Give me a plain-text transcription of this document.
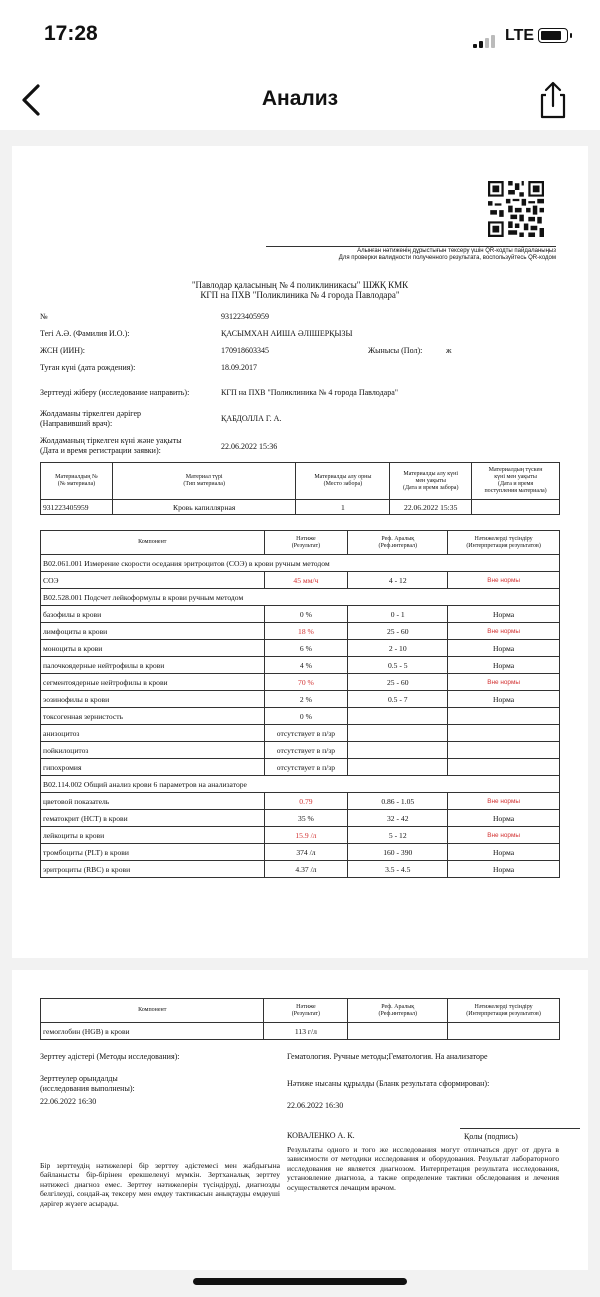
17:28	LTE
Анализ
Алынған нәтиженің дұрыстығын тексеру үшін QR-кодты пайдаланыңыз
Для проверки валидности полученного результата, воспользуйтесь QR-кодом
"Павлодар қаласының № 4 поликлиникасы" ШЖҚ КМК
КГП на ПХВ "Поликлиника № 4 города Павлодара"
№	931223405959
Тегі А.Ә. (Фамилия И.О.):	ҚАСЫМХАН АИША ӘЛІШЕРҚЫЗЫ
ЖСН (ИИН):	170918603345	Жынысы (Пол):	ж
Туған күні (дата рождения):	18.09.2017
Зерттеуді жіберу (исследование направить):	КГП на ПХВ "Поликлиника № 4 города Павлодара"
Жолдаманы тіркелген дәрігер
(Направивший врач):
ҚАБДОЛЛА Г. А.
Жолдаманың тіркелген күні және уақыты
(Дата и время регистрации заявки):	22.06.2022 15:36
Материалдың №
(№ материала)	Материал түрі
(Тип материала)	Материалды алу орны
(Место забора)	Материалды алу күні
мен уақыты
(Дата и время забора)	Материалдың түскен
күні мен уақыты
(Дата и время
поступления материала)
931223405959	Кровь капиллярная	1	22.06.2022 15:35	
Компонент	Нәтиже
(Результат)	Реф. Аралық
(Реф.интервал)	Нәтижелерді түсіндіру
(Интерпретация результатов)
B02.061.001 Измерение скорости оседания эритроцитов (СОЭ) в крови ручным методом			
СОЭ	45 мм/ч	4 - 12	Вне нормы
B02.528.001 Подсчет лейкоформулы в крови ручным методом			
базофилы в крови	0 %	0 - 1	Норма
лимфоциты в крови	18 %	25 - 60	Вне нормы
моноциты в крови	6 %	2 - 10	Норма
палочкоядерные нейтрофилы в крови	4 %	0.5 - 5	Норма
сегментоядерные нейтрофилы в крови	70 %	25 - 60	Вне нормы
эозинофилы в крови	2 %	0.5 - 7	Норма
токсогенная зернистость	0 %		
анизоцитоз	отсутствует в п/зр		
пойкилоцитоз	отсутствует в п/зр		
гипохромия	отсутствует в п/зр		
B02.114.002 Общий анализ крови 6 параметров на анализаторе			
цветовой показатель	0.79	0.86 - 1.05	Вне нормы
гематокрит (HCT) в крови	35 %	32 - 42	Норма
лейкоциты в крови	15.9 /л	5 - 12	Вне нормы
тромбоциты (PLT) в крови	374 /л	160 - 390	Норма
эритроциты (RBC) в крови	4.37 /л	3.5 - 4.5	Норма
Компонент	Нәтиже
(Результат)	Реф. Аралық
(Реф.интервал)	Нәтижелерді түсіндіру
(Интерпретация результатов)
гемоглобин (HGB) в крови	113 г/л		
Зерттеу әдістері (Методы исследования):	Гематология. Ручные методы;Гематология. На анализаторе
Зерттеулер орындалды
(исследования выполнены):
22.06.2022 16:30
Нәтиже нысаны құрылды (Бланк результата сформирован):
22.06.2022 16:30
КОВАЛЕНКО А. К.	Қолы (подпись)
Бір зерттеудің нәтижелері бір зерттеу әдістемесі мен жабдығына байланысты бір-бірінен ерекшеленуі мүмкін. Зертханалық зерттеу нәтижесі диагноз емес. Зерттеу нәтижелерін түсіндіруді, диагнозды белгілеуді, сондай-ақ тексеру мен емдеу тактикасын анықтауды емдеуші дәрігер жүзеге асырады.
Результаты одного и того же исследования могут отличаться друг от друга в зависимости от методики исследования и оборудования. Результат лабораторного исследования не является диагнозом. Интерпретация результата исследования, установление диагноза, а также определение тактики обследования и лечения осуществляется лечащим врачом.
